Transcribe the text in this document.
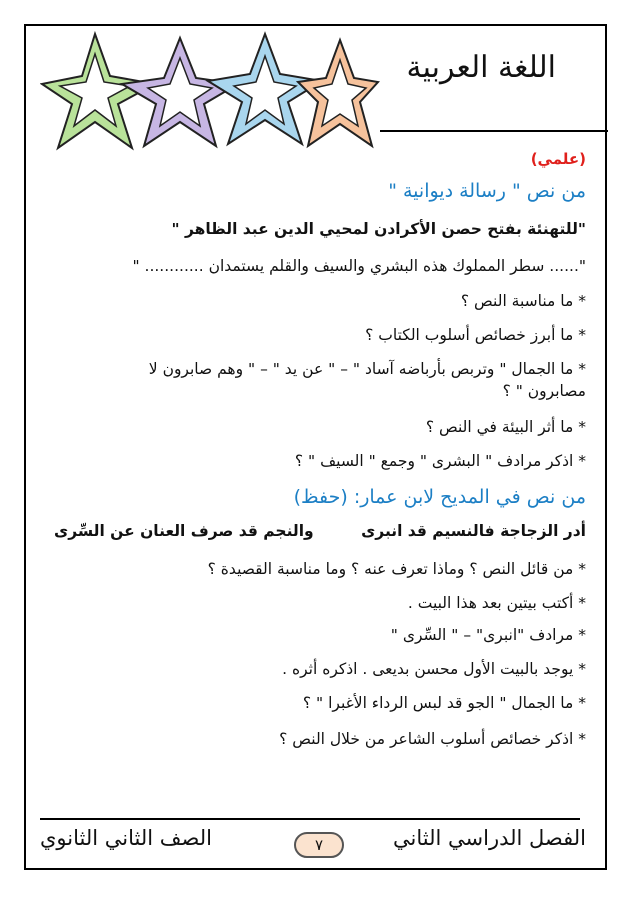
اللغة العربية
(علمي)
من نص " رسالة ديوانية "
"للتهنئة بفتح حصن الأكرادن لمحيي الدين عبد الظاهر "
"...... سطر المملوك هذه البشري والسيف والقلم يستمدان ............ "
* ما مناسبة النص ؟
* ما أبرز خصائص أسلوب الكتاب ؟
* ما الجمال " وتربص بأرباضه آساد " – " عن يد " – " وهم صابرون لا
مصابرون " ؟
* ما أثر البيئة في النص ؟
* اذكر مرادف " البشرى " وجمع " السيف " ؟
من نص في المديح لابن عمار: (حفظ)
أدر الزجاجة فالنسيم قد انبرى
والنجم قد صرف العنان عن السِّرى
* من قائل النص ؟ وماذا تعرف عنه ؟ وما مناسبة القصيدة ؟
* أكتب بيتين بعد هذا البيت .
* مرادف "انبرى" – " السِّرى "
* يوجد بالبيت الأول محسن بديعى . اذكره أثره .
* ما الجمال " الجو قد لبس الرداء الأغبرا " ؟
* اذكر خصائص أسلوب الشاعر من خلال النص ؟
الفصل الدراسي الثاني
٧
الصف الثاني الثانوي
